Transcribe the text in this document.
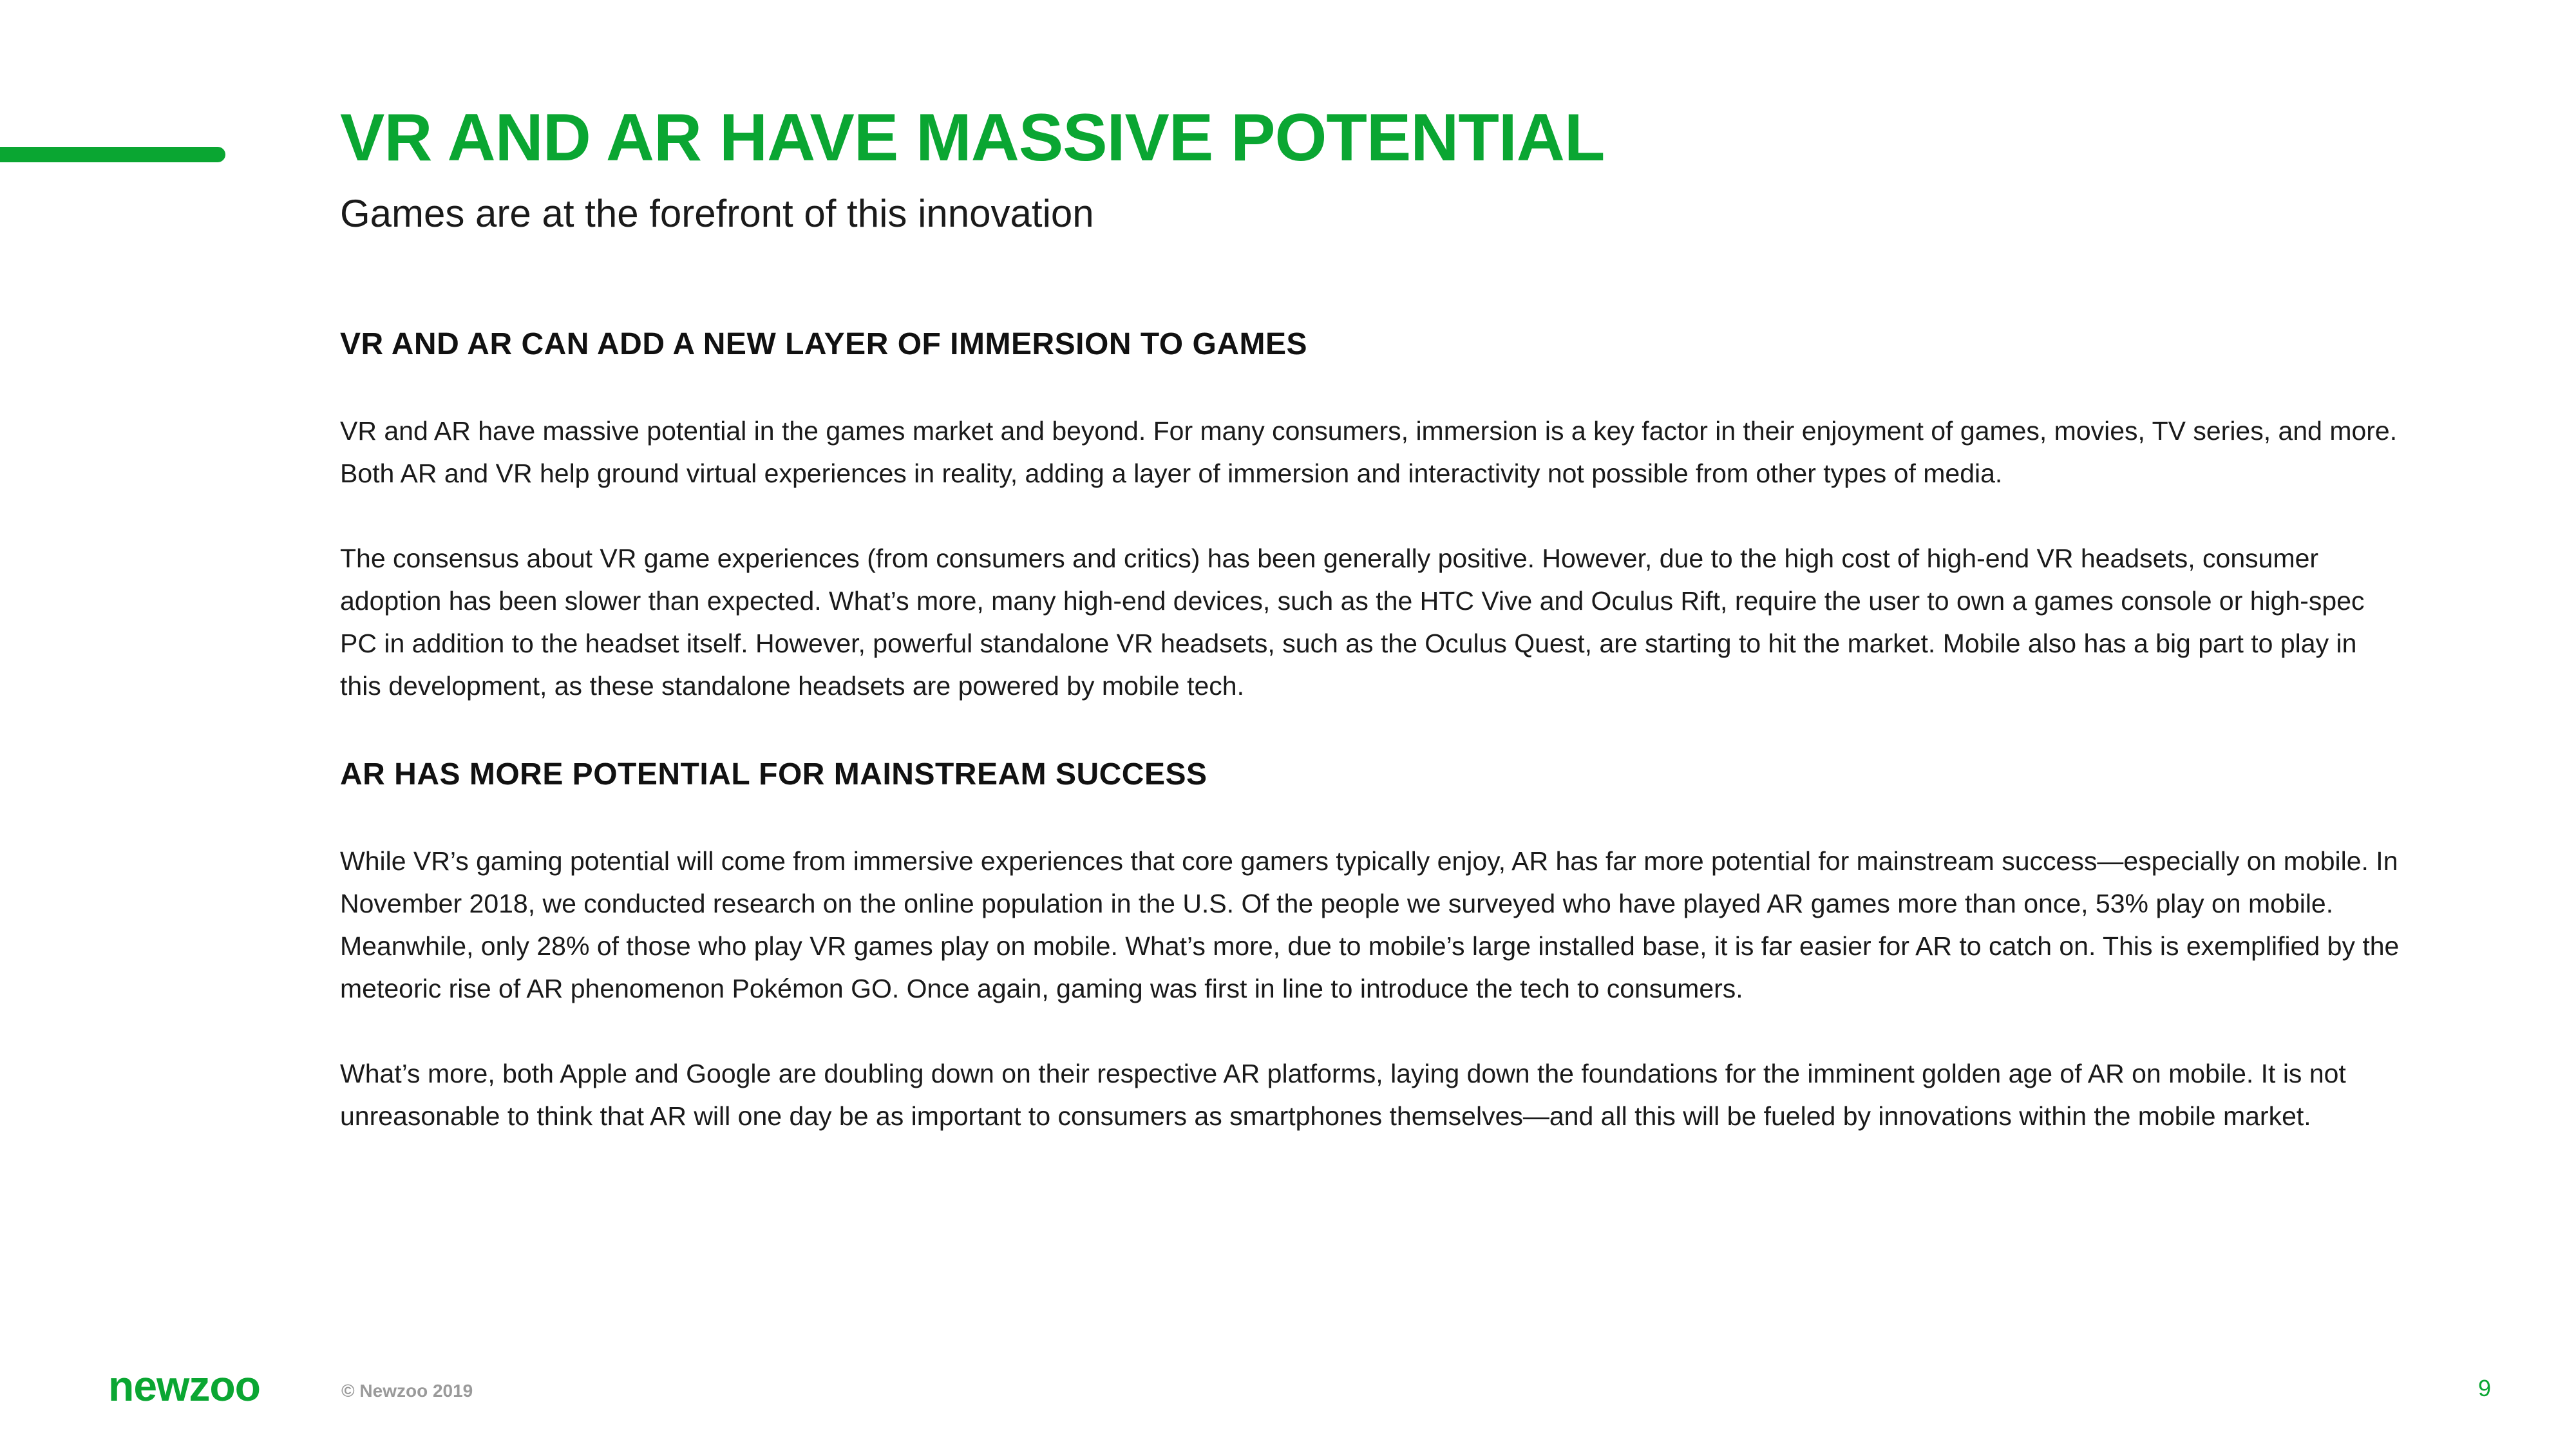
VR AND AR HAVE MASSIVE POTENTIAL
Games are at the forefront of this innovation
VR AND AR CAN ADD A NEW LAYER OF IMMERSION TO GAMES

VR and AR have massive potential in the games market and beyond. For many consumers, immersion is a key factor in their enjoyment of games, movies, TV series, and more. Both AR and VR help ground virtual experiences in reality, adding a layer of immersion and interactivity not possible from other types of media.

The consensus about VR game experiences (from consumers and critics) has been generally positive. However, due to the high cost of high-end VR headsets, consumer adoption has been slower than expected. What’s more, many high-end devices, such as the HTC Vive and Oculus Rift, require the user to own a games console or high-spec PC in addition to the headset itself. However, powerful standalone VR headsets, such as the Oculus Quest, are starting to hit the market. Mobile also has a big part to play in this development, as these standalone headsets are powered by mobile tech.

AR HAS MORE POTENTIAL FOR MAINSTREAM SUCCESS

While VR’s gaming potential will come from immersive experiences that core gamers typically enjoy, AR has far more potential for mainstream success—especially on mobile. In November 2018, we conducted research on the online population in the U.S. Of the people we surveyed who have played AR games more than once, 53% play on mobile. Meanwhile, only 28% of those who play VR games play on mobile. What’s more, due to mobile’s large installed base, it is far easier for AR to catch on. This is exemplified by the meteoric rise of AR phenomenon Pokémon GO. Once again, gaming was first in line to introduce the tech to consumers.

What’s more, both Apple and Google are doubling down on their respective AR platforms, laying down the foundations for the imminent golden age of AR on mobile. It is not unreasonable to think that AR will one day be as important to consumers as smartphones themselves—and all this will be fueled by innovations within the mobile market.

newzoo	© Newzoo 2019	9
